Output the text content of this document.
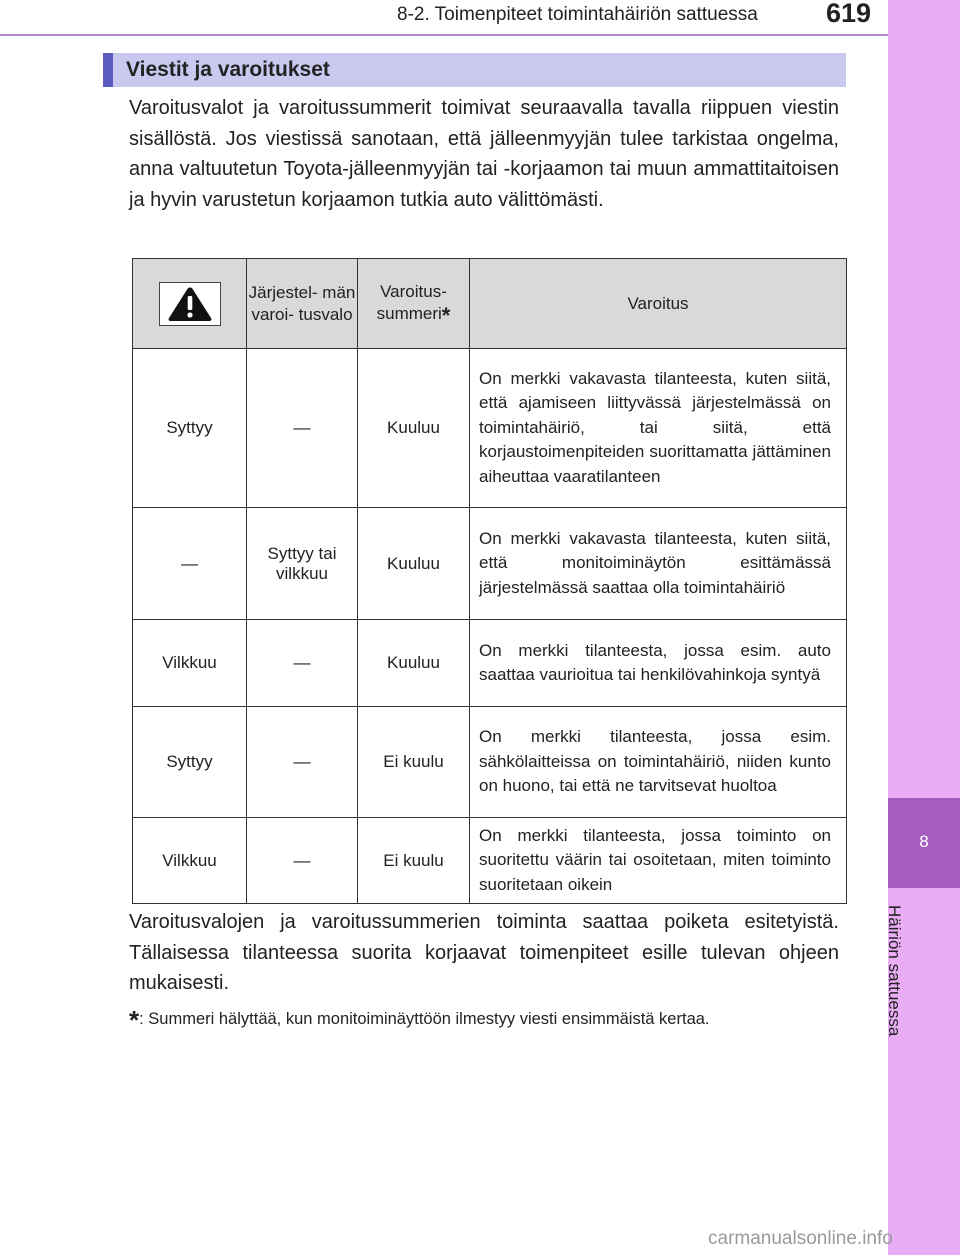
8-2. Toimenpiteet toimintahäiriön sattuessa	619
8
Häiriön sattuessa
Viestit ja varoitukset
Varoitusvalot ja varoitussummerit toimivat seuraavalla tavalla riippuen viestin sisällöstä. Jos viestissä sanotaan, että jälleenmyyjän tulee tarkistaa ongelma, anna valtuutetun Toyota-jälleenmyyjän tai -korjaamon tai muun ammattitaitoisen ja hyvin varustetun korjaamon tutkia auto välittömästi.
	Järjestel- män varoi- tusvalo	Varoitus- summeri*	Varoitus
Syttyy	—	Kuuluu	On merkki vakavasta tilanteesta, kuten siitä, että ajamiseen liittyvässä järjestelmässä on toimintahäiriö, tai siitä, että korjaustoimenpiteiden suorittamatta jättäminen aiheuttaa vaaratilanteen
—	Syttyy tai vilkkuu	Kuuluu	On merkki vakavasta tilanteesta, kuten siitä, että monitoiminäytön esittämässä järjestelmässä saattaa olla toimintahäiriö
Vilkkuu	—	Kuuluu	On merkki tilanteesta, jossa esim. auto saattaa vaurioitua tai henkilövahinkoja syntyä
Syttyy	—	Ei kuulu	On merkki tilanteesta, jossa esim. sähkölaitteissa on toimintahäiriö, niiden kunto on huono, tai että ne tarvitsevat huoltoa
Vilkkuu	—	Ei kuulu	On merkki tilanteesta, jossa toiminto on suoritettu väärin tai osoitetaan, miten toiminto suoritetaan oikein
Varoitusvalojen ja varoitussummerien toiminta saattaa poiketa esitetyistä. Tällaisessa tilanteessa suorita korjaavat toimenpiteet esille tulevan ohjeen mukaisesti.
*: Summeri hälyttää, kun monitoiminäyttöön ilmestyy viesti ensimmäistä kertaa.
carmanualsonline.info
